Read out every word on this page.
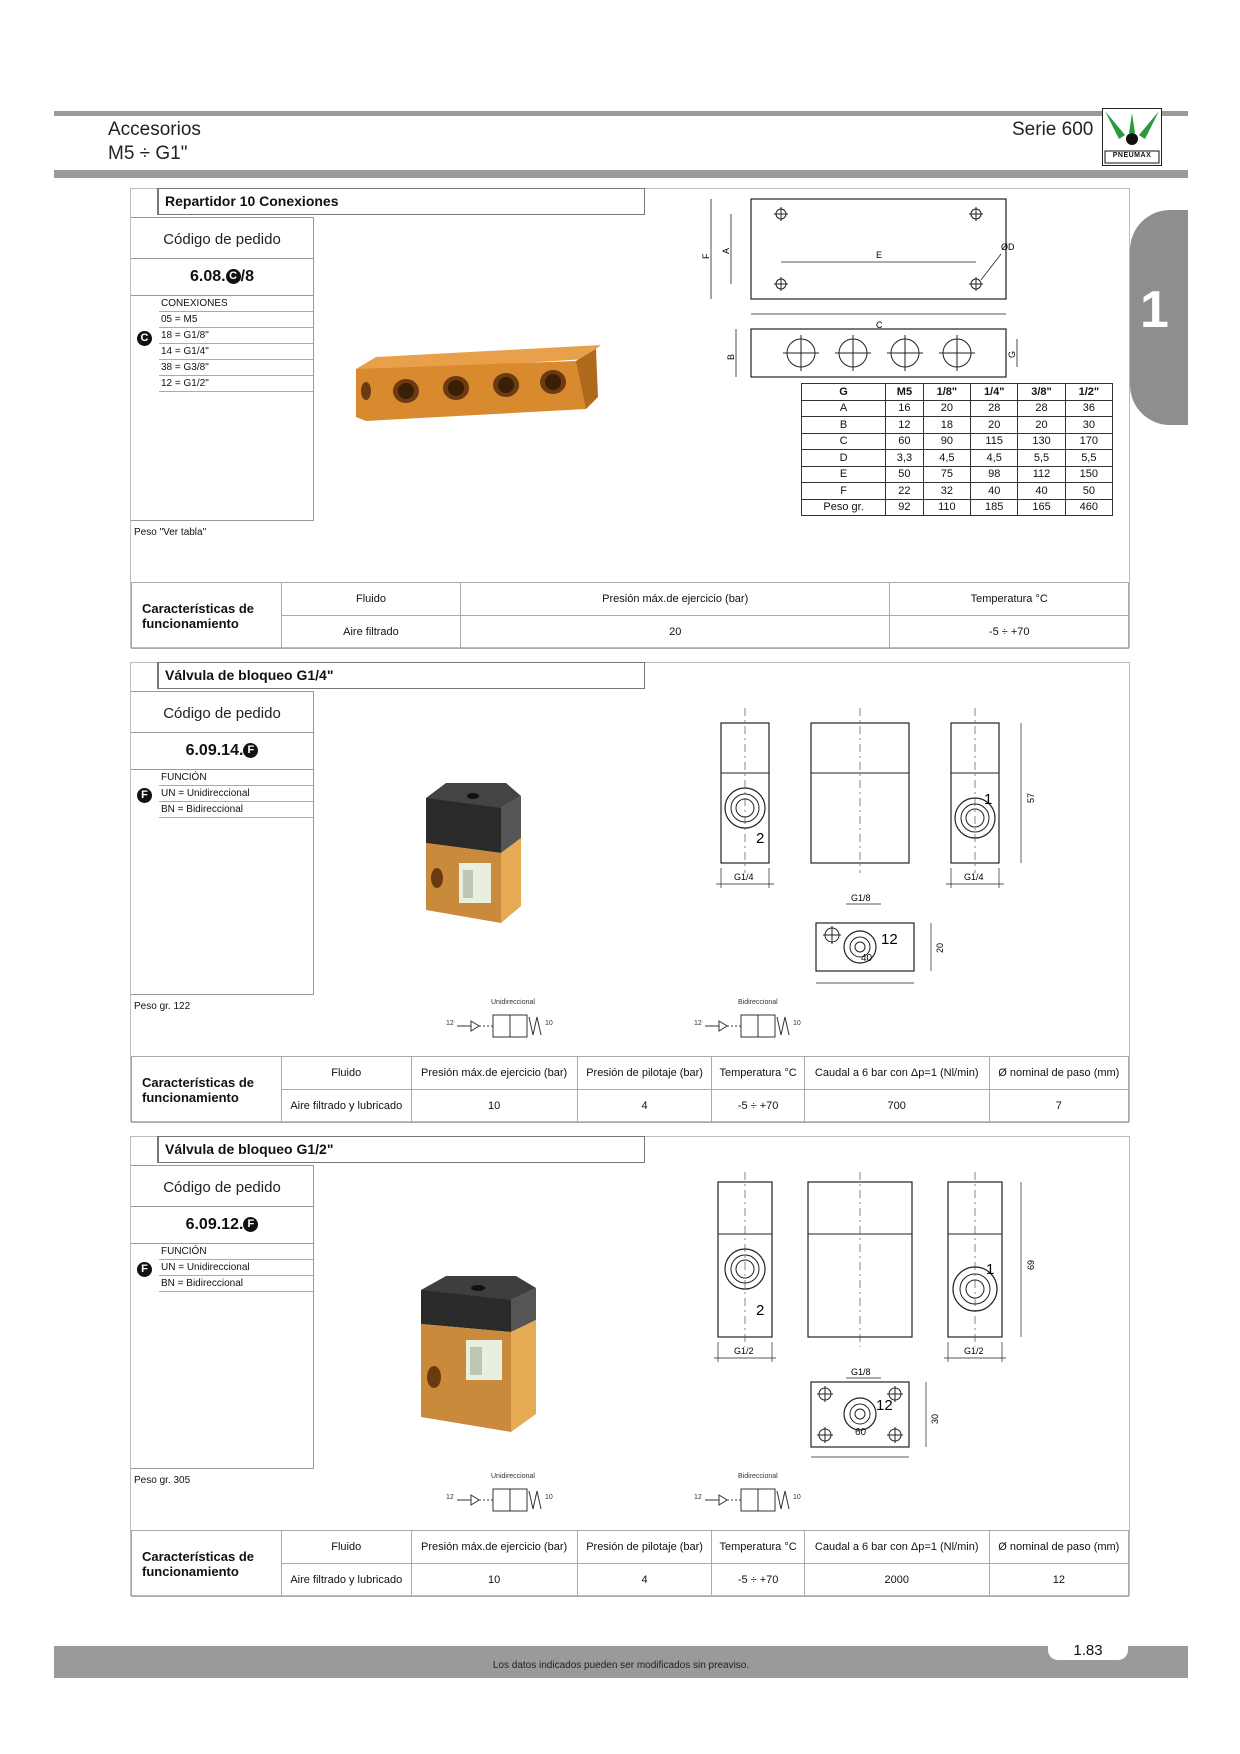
Accesorios
M5 ÷ G1"
Serie 600
PNEUMAX
1
Repartidor 10 Conexiones
Código de pedido
6.08. C /8
C
CONEXIONES
05 = M5
18 = G1/8"
14 = G1/4"
38 = G3/8"
12 = G1/2"
Peso "Ver tabla"
F
A	E
ØD
C
B	G
G	M5	1/8"	1/4"	3/8"	1/2"
A	16	20	28	28	36
B	12	18	20	20	30
C	60	90	115	130	170
D	3,3	4,5	4,5	5,5	5,5
E	50	75	98	112	150
F	22	32	40	40	50
Peso gr.	92	110	185	165	460
Características de funcionamiento	Fluido	Presión máx.de ejercicio (bar)	Temperatura °C
	Aire filtrado	20	-5 ÷ +70
Válvula de bloqueo G1/4"
Código de pedido
6.09.14. F
F
FUNCIÓN
UN = Unidireccional
BN = Bidireccional
Peso gr. 122
2
G1/4
1	57
G1/4
G1/8
12	20
40
Unidireccional	Bidireccional
12	10	12	10
Características de funcionamiento	Fluido	Presión máx.de ejercicio (bar)	Presión de pilotaje (bar)	Temperatura °C	Caudal a 6 bar con Δp=1 (Nl/min)	Ø nominal de paso (mm)
	Aire filtrado y lubricado	10	4	-5 ÷ +70	700	7
Válvula de bloqueo G1/2"
Código de pedido
6.09.12. F
F
FUNCIÓN
UN = Unidireccional
BN = Bidireccional
Peso gr. 305
2
G1/2
1	69
G1/2
G1/8
12
30
60
Unidireccional	Bidireccional
12	10	12	10
Características de funcionamiento	Fluido	Presión máx.de ejercicio (bar)	Presión de pilotaje (bar)	Temperatura °C	Caudal a 6 bar con Δp=1 (Nl/min)	Ø nominal de paso (mm)
	Aire filtrado y lubricado	10	4	-5 ÷ +70	2000	12
Los datos indicados pueden ser modificados sin preaviso.
1.83
